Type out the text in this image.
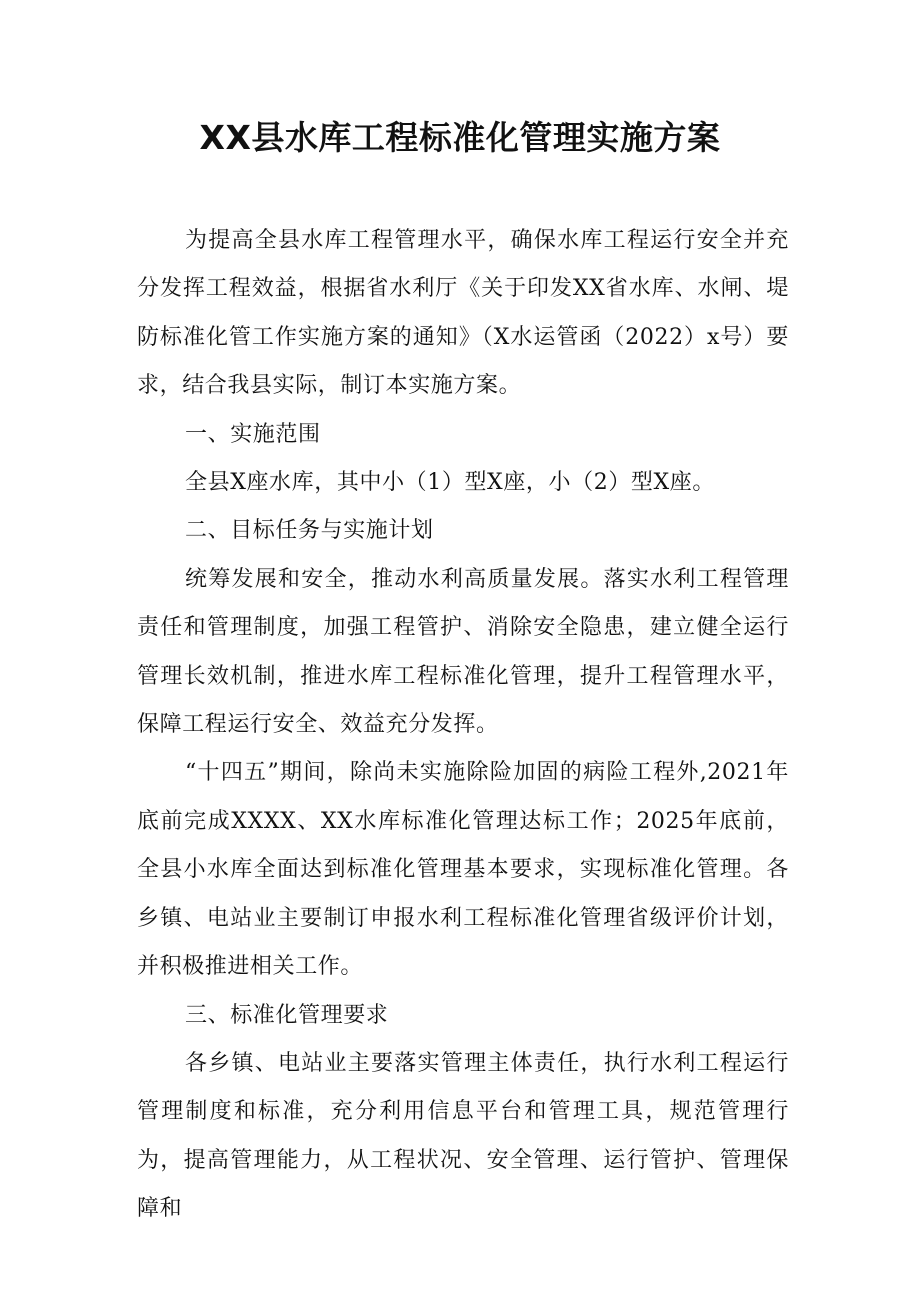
XX县水库工程标准化管理实施方案

为提高全县水库工程管理水平，确保水库工程运行安全并充分发挥工程效益，根据省水利厅《关于印发XX省水库、水闸、堤防标准化管工作实施方案的通知》（X水运管函（2022）x号）要求，结合我县实际，制订本实施方案。

一、实施范围

全县X座水库，其中小（1）型X座，小（2）型X座。

二、目标任务与实施计划

统筹发展和安全，推动水利高质量发展。落实水利工程管理责任和管理制度，加强工程管护、消除安全隐患，建立健全运行管理长效机制，推进水库工程标准化管理，提升工程管理水平，保障工程运行安全、效益充分发挥。

“十四五”期间，除尚未实施除险加固的病险工程外,2021年底前完成XXXX、XX水库标准化管理达标工作；2025年底前，全县小水库全面达到标准化管理基本要求，实现标准化管理。各乡镇、电站业主要制订申报水利工程标准化管理省级评价计划，并积极推进相关工作。

三、标准化管理要求

各乡镇、电站业主要落实管理主体责任，执行水利工程运行管理制度和标准，充分利用信息平台和管理工具，规范管理行为，提高管理能力，从工程状况、安全管理、运行管护、管理保障和
